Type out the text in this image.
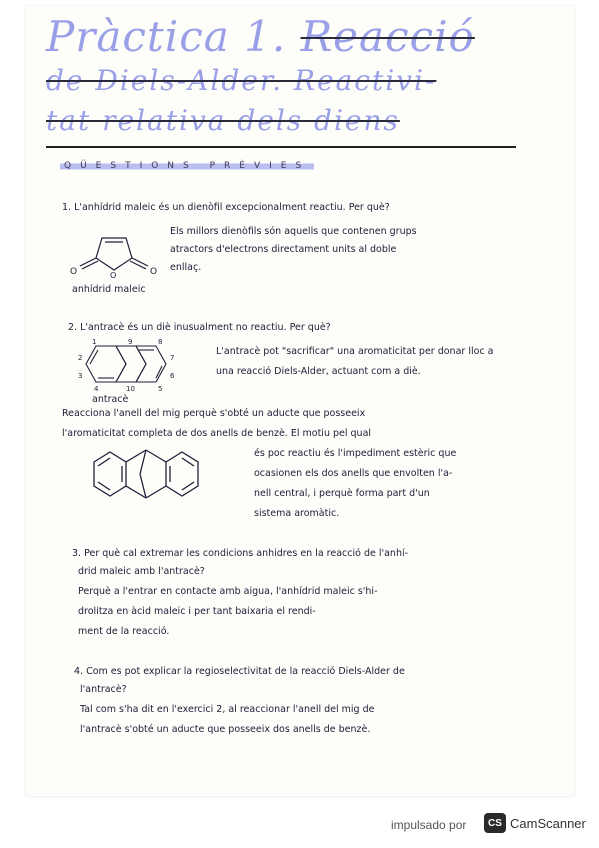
Pràctica 1. Reacció
de Diels-Alder. Reactivi-
tat relativa dels diens
QÜESTIONS PRÈVIES
1. L'anhídrid maleic és un dienòfil excepcionalment reactiu. Per què?
Els millors dienòfils són aquells que contenen grups
atractors d'electrons directament units al doble
enllaç.
O	O
O
anhídrid maleic
2. L'antracè és un diè inusualment no reactiu. Per què?
1
2
3
4	5
6
7
8
9
10
antracè
L'antracè pot "sacrificar" una aromaticitat per donar lloc a
una reacció Diels-Alder, actuant com a diè.
Reacciona l'anell del mig perquè s'obté un aducte que posseeix
l'aromaticitat completa de dos anells de benzè. El motiu pel qual
és poc reactiu és l'impediment estèric que
ocasionen els dos anells que envolten l'a-
nell central, i perquè forma part d'un
sistema aromàtic.
3. Per què cal extremar les condicions anhidres en la reacció de l'anhí-
drid maleic amb l'antracè?
Perquè a l'entrar en contacte amb aigua, l'anhídrid maleic s'hi-
drolitza en àcid maleic i per tant baixaria el rendi-
ment de la reacció.
4. Com es pot explicar la regioselectivitat de la reacció Diels-Alder de
l'antracè?
Tal com s'ha dit en l'exercici 2, al reaccionar l'anell del mig de
l'antracè s'obté un aducte que posseeix dos anells de benzè.
impulsado por	CS CamScanner
